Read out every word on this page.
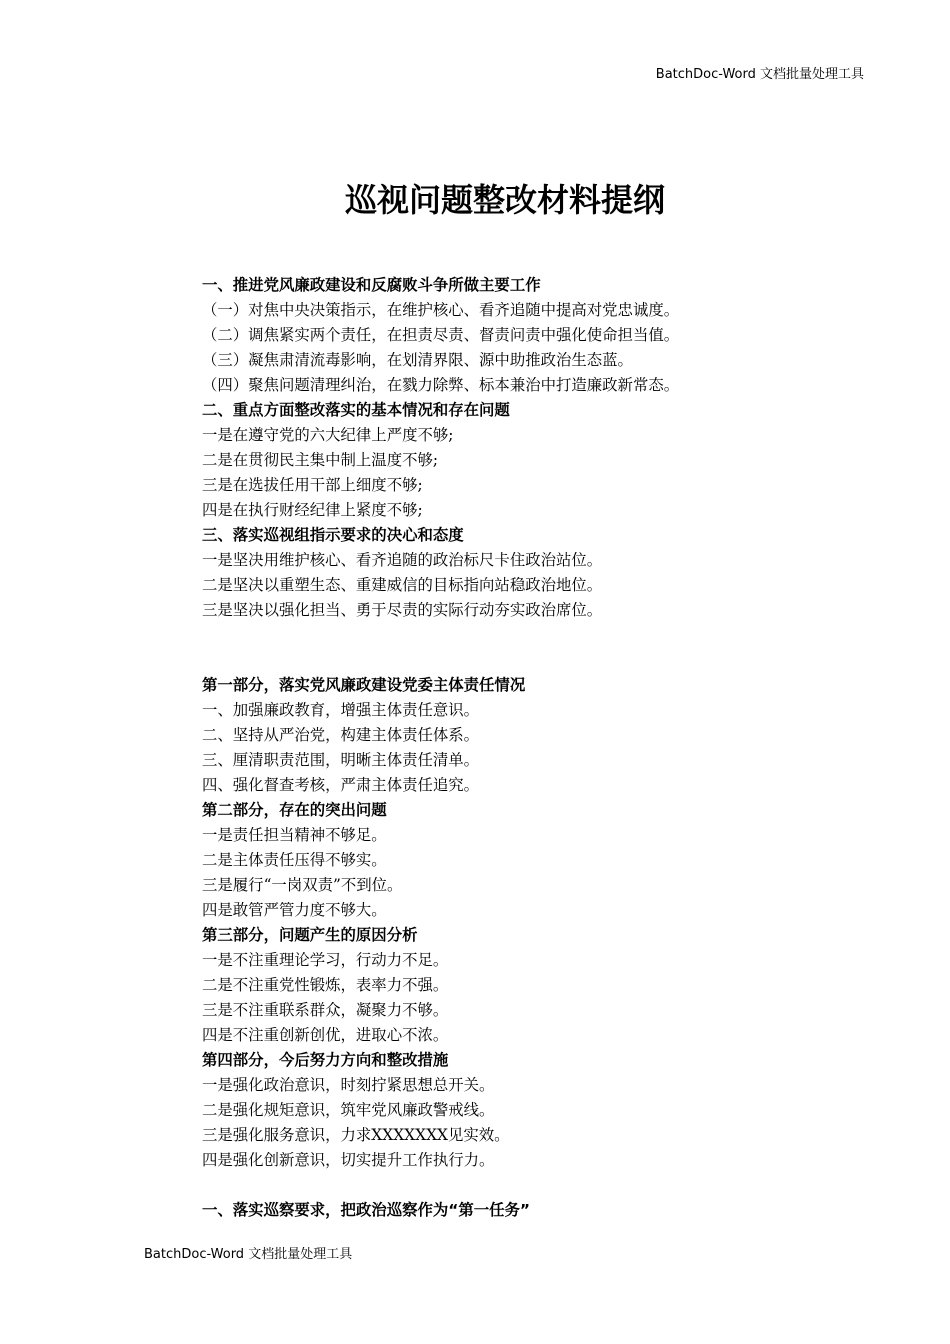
BatchDoc-Word 文档批量处理工具
巡视问题整改材料提纲
一、推进党风廉政建设和反腐败斗争所做主要工作
（一）对焦中央决策指示，在维护核心、看齐追随中提高对党忠诚度。
（二）调焦紧实两个责任，在担责尽责、督责问责中强化使命担当值。
（三）凝焦肃清流毒影响，在划清界限、源中助推政治生态蓝。
（四）聚焦问题清理纠治，在戮力除弊、标本兼治中打造廉政新常态。
二、重点方面整改落实的基本情况和存在问题
一是在遵守党的六大纪律上严度不够;
二是在贯彻民主集中制上温度不够;
三是在选拔任用干部上细度不够;
四是在执行财经纪律上紧度不够;
三、落实巡视组指示要求的决心和态度
一是坚决用维护核心、看齐追随的政治标尺卡住政治站位。
二是坚决以重塑生态、重建威信的目标指向站稳政治地位。
三是坚决以强化担当、勇于尽责的实际行动夯实政治席位。
第一部分，落实党风廉政建设党委主体责任情况
一、加强廉政教育，增强主体责任意识。
二、坚持从严治党，构建主体责任体系。
三、厘清职责范围，明晰主体责任清单。
四、强化督查考核，严肃主体责任追究。
第二部分，存在的突出问题
一是责任担当精神不够足。
二是主体责任压得不够实。
三是履行“一岗双责”不到位。
四是敢管严管力度不够大。
第三部分，问题产生的原因分析
一是不注重理论学习，行动力不足。
二是不注重党性锻炼，表率力不强。
三是不注重联系群众，凝聚力不够。
四是不注重创新创优，进取心不浓。
第四部分，今后努力方向和整改措施
一是强化政治意识，时刻拧紧思想总开关。
二是强化规矩意识，筑牢党风廉政警戒线。
三是强化服务意识，力求XXXXXXX见实效。
四是强化创新意识，切实提升工作执行力。
一、落实巡察要求，把政治巡察作为“第一任务”
BatchDoc-Word 文档批量处理工具
